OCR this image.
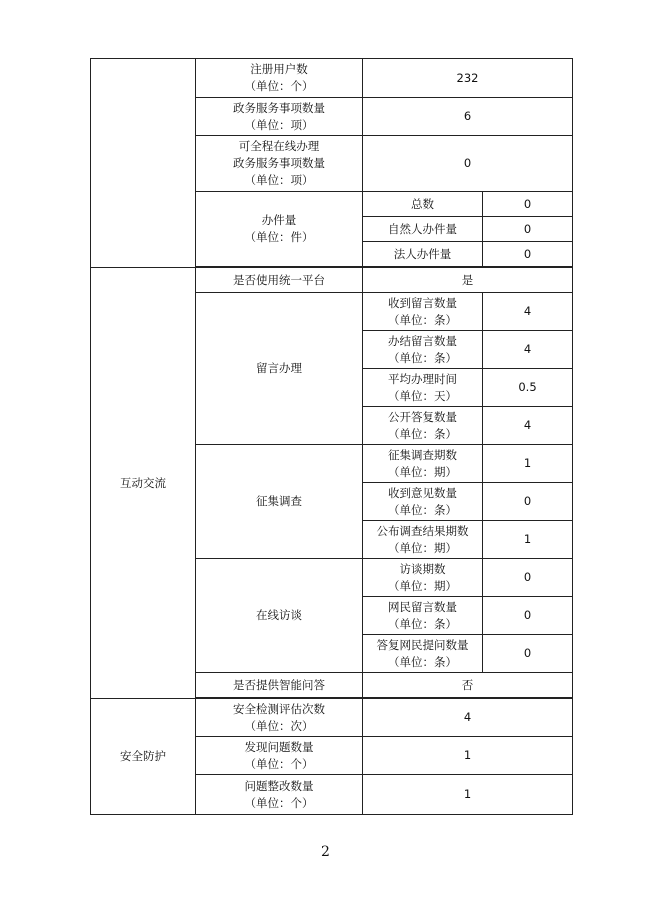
	注册用户数
（单位：个）	232	
	政务服务事项数量
（单位：项）	6	
	可全程在线办理
政务服务事项数量
（单位：项）	0	
	办件量
（单位：件）	总数	0
		自然人办件量	0
		法人办件量	0

互动交流	是否使用统一平台	是	
	留言办理	收到留言数量
（单位：条）	4
		办结留言数量
（单位：条）	4
		平均办理时间
（单位：天）	0.5
		公开答复数量
（单位：条）	4
	征集调查	征集调查期数
（单位：期）	1
		收到意见数量
（单位：条）	0
		公布调查结果期数
（单位：期）	1
	在线访谈	访谈期数
（单位：期）	0
		网民留言数量
（单位：条）	0
		答复网民提问数量
（单位：条）	0
	是否提供智能问答	否	

安全防护	安全检测评估次数
（单位：次）	4	
	发现问题数量
（单位：个）	1	
	问题整改数量
（单位：个）	1	
2
